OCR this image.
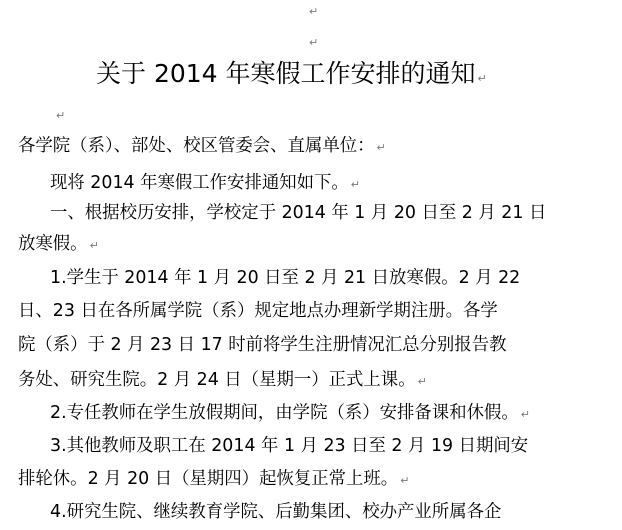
↵
↵
关于 2014 年寒假工作安排的通知 ↵
↵
各学院（系）、部处、校区管委会、直属单位： ↵
现将 2014 年寒假工作安排通知如下。 ↵
一、根据校历安排，学校定于 2014 年 1 月 20 日至 2 月 21 日
放寒假。 ↵
1.学生于 2014 年 1 月 20 日至 2 月 21 日放寒假。2 月 22
日、23 日在各所属学院（系）规定地点办理新学期注册。各学
院（系）于 2 月 23 日 17 时前将学生注册情况汇总分别报告教
务处、研究生院。2 月 24 日（星期一）正式上课。 ↵
2.专任教师在学生放假期间，由学院（系）安排备课和休假。 ↵
3.其他教师及职工在 2014 年 1 月 23 日至 2 月 19 日期间安
排轮休。2 月 20 日（星期四）起恢复正常上班。 ↵
4.研究生院、继续教育学院、后勤集团、校办产业所属各企
